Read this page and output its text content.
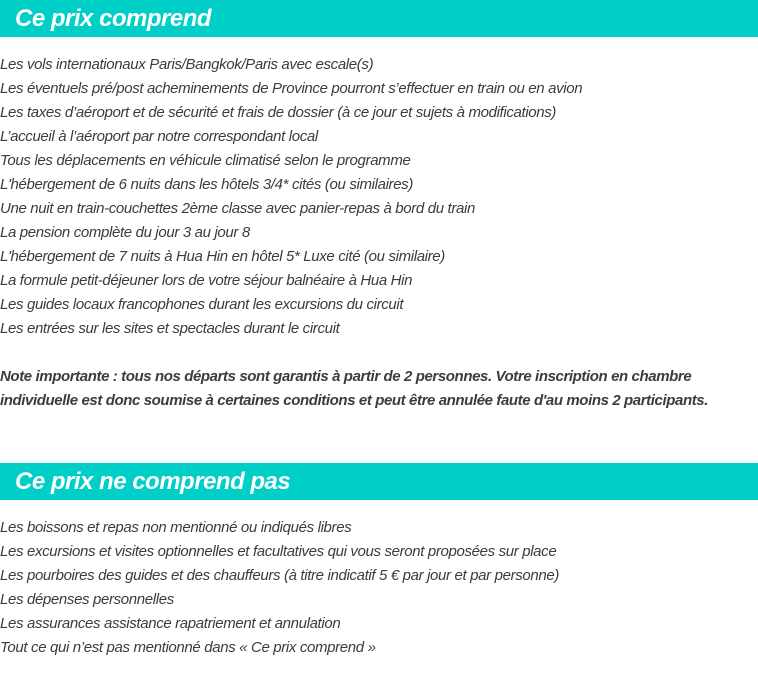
Ce prix comprend
Les vols internationaux Paris/Bangkok/Paris avec escale(s)
Les éventuels pré/post acheminements de Province pourront s’effectuer en train ou en avion
Les taxes d’aéroport et de sécurité et frais de dossier (à ce jour et sujets à modifications)
L’accueil à l’aéroport par notre correspondant local
Tous les déplacements en véhicule climatisé selon le programme
L'hébergement de 6 nuits dans les hôtels 3/4* cités (ou similaires)
Une nuit en train-couchettes 2ème classe avec panier-repas à bord du train
La pension complète du jour 3 au jour 8
L'hébergement de 7 nuits à Hua Hin en hôtel 5* Luxe cité (ou similaire)
La formule petit-déjeuner lors de votre séjour balnéaire à Hua Hin
Les guides locaux francophones durant les excursions du circuit
Les entrées sur les sites et spectacles durant le circuit
Note importante : tous nos départs sont garantis à partir de 2 personnes. Votre inscription en chambre individuelle est donc soumise à certaines conditions et peut être annulée faute d'au moins 2 participants.
Ce prix ne comprend pas
Les boissons et repas non mentionné ou indiqués libres
Les excursions et visites optionnelles et facultatives qui vous seront proposées sur place
Les pourboires des guides et des chauffeurs (à titre indicatif 5 € par jour et par personne)
Les dépenses personnelles
Les assurances assistance rapatriement et annulation
Tout ce qui n’est pas mentionné dans « Ce prix comprend »
